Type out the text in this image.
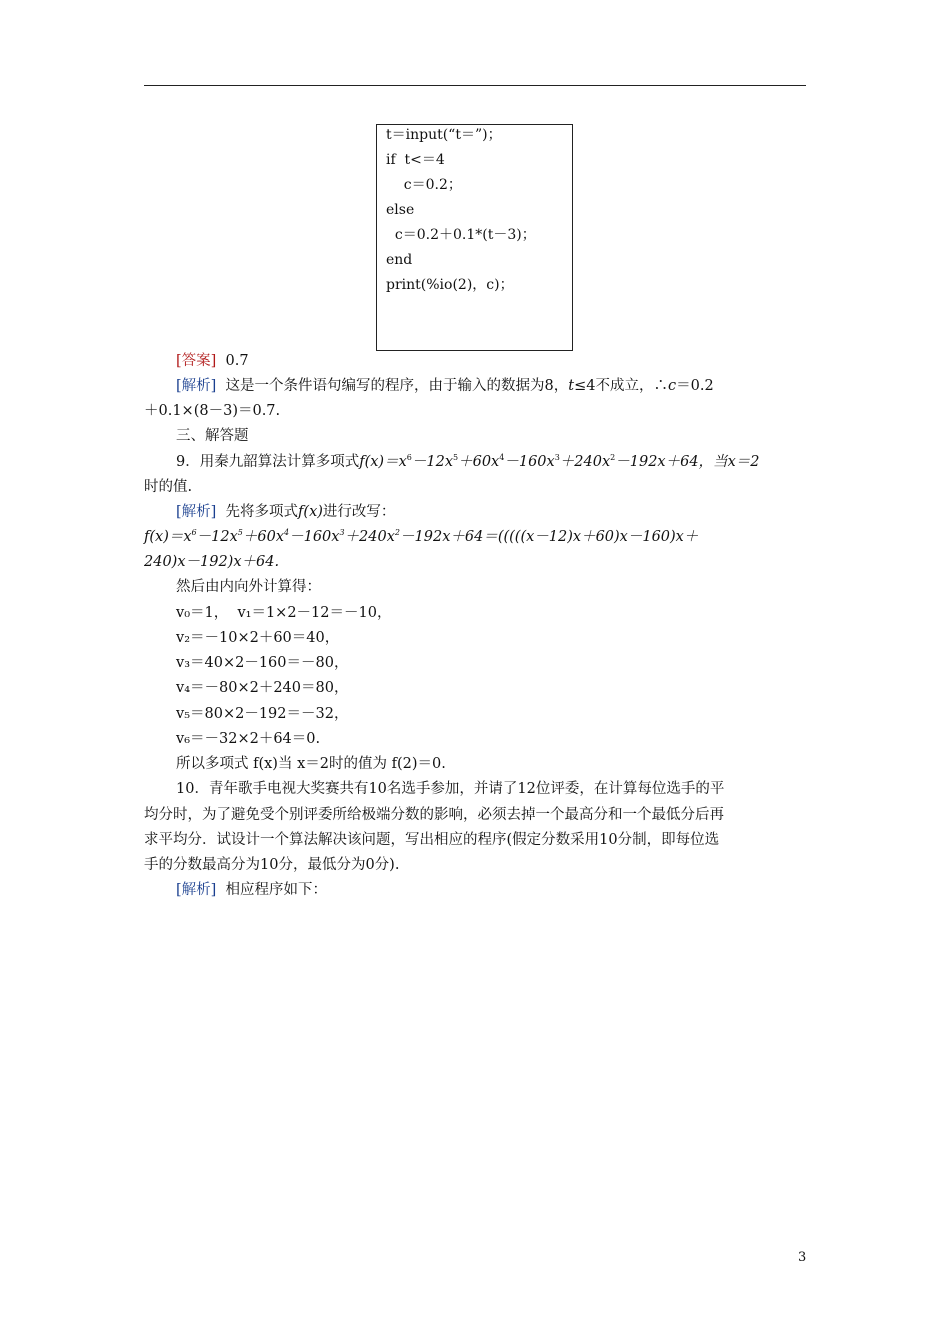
t＝input(“t＝”)；
if  t<＝4
c＝0.2；
else
c＝0.2＋0.1*(t－3)；
end
print(%io(2)，c)；
[答案] 0.7
[解析] 这是一个条件语句编写的程序，由于输入的数据为8，t≤4不成立，∴c＝0.2
＋0.1×(8－3)＝0.7.
三、解答题
9．用秦九韶算法计算多项式$f(x)=x^6-12x^5+60x^4-160x^3+240x^2-192x+64$，当x＝2
时的值.
[解析] 先将多项式f(x)进行改写：
$f(x)=x^6-12x^5+60x^4-160x^3+240x^2-192x+64=(((((x-12)x+60)x-160)x+$
240)x－192)x＋64.
然后由内向外计算得：
v₀＝1，  v₁＝1×2－12＝－10，
v₂＝－10×2＋60＝40，
v₃＝40×2－160＝－80，
v₄＝－80×2＋240＝80，
v₅＝80×2－192＝－32，
v₆＝－32×2＋64＝0.
所以多项式 f(x)当 x＝2时的值为 f(2)＝0.
10．青年歌手电视大奖赛共有10名选手参加，并请了12位评委，在计算每位选手的平
均分时，为了避免受个别评委所给极端分数的影响，必须去掉一个最高分和一个最低分后再
求平均分．试设计一个算法解决该问题，写出相应的程序(假定分数采用10分制，即每位选
手的分数最高分为10分，最低分为0分).
[解析] 相应程序如下：
3
